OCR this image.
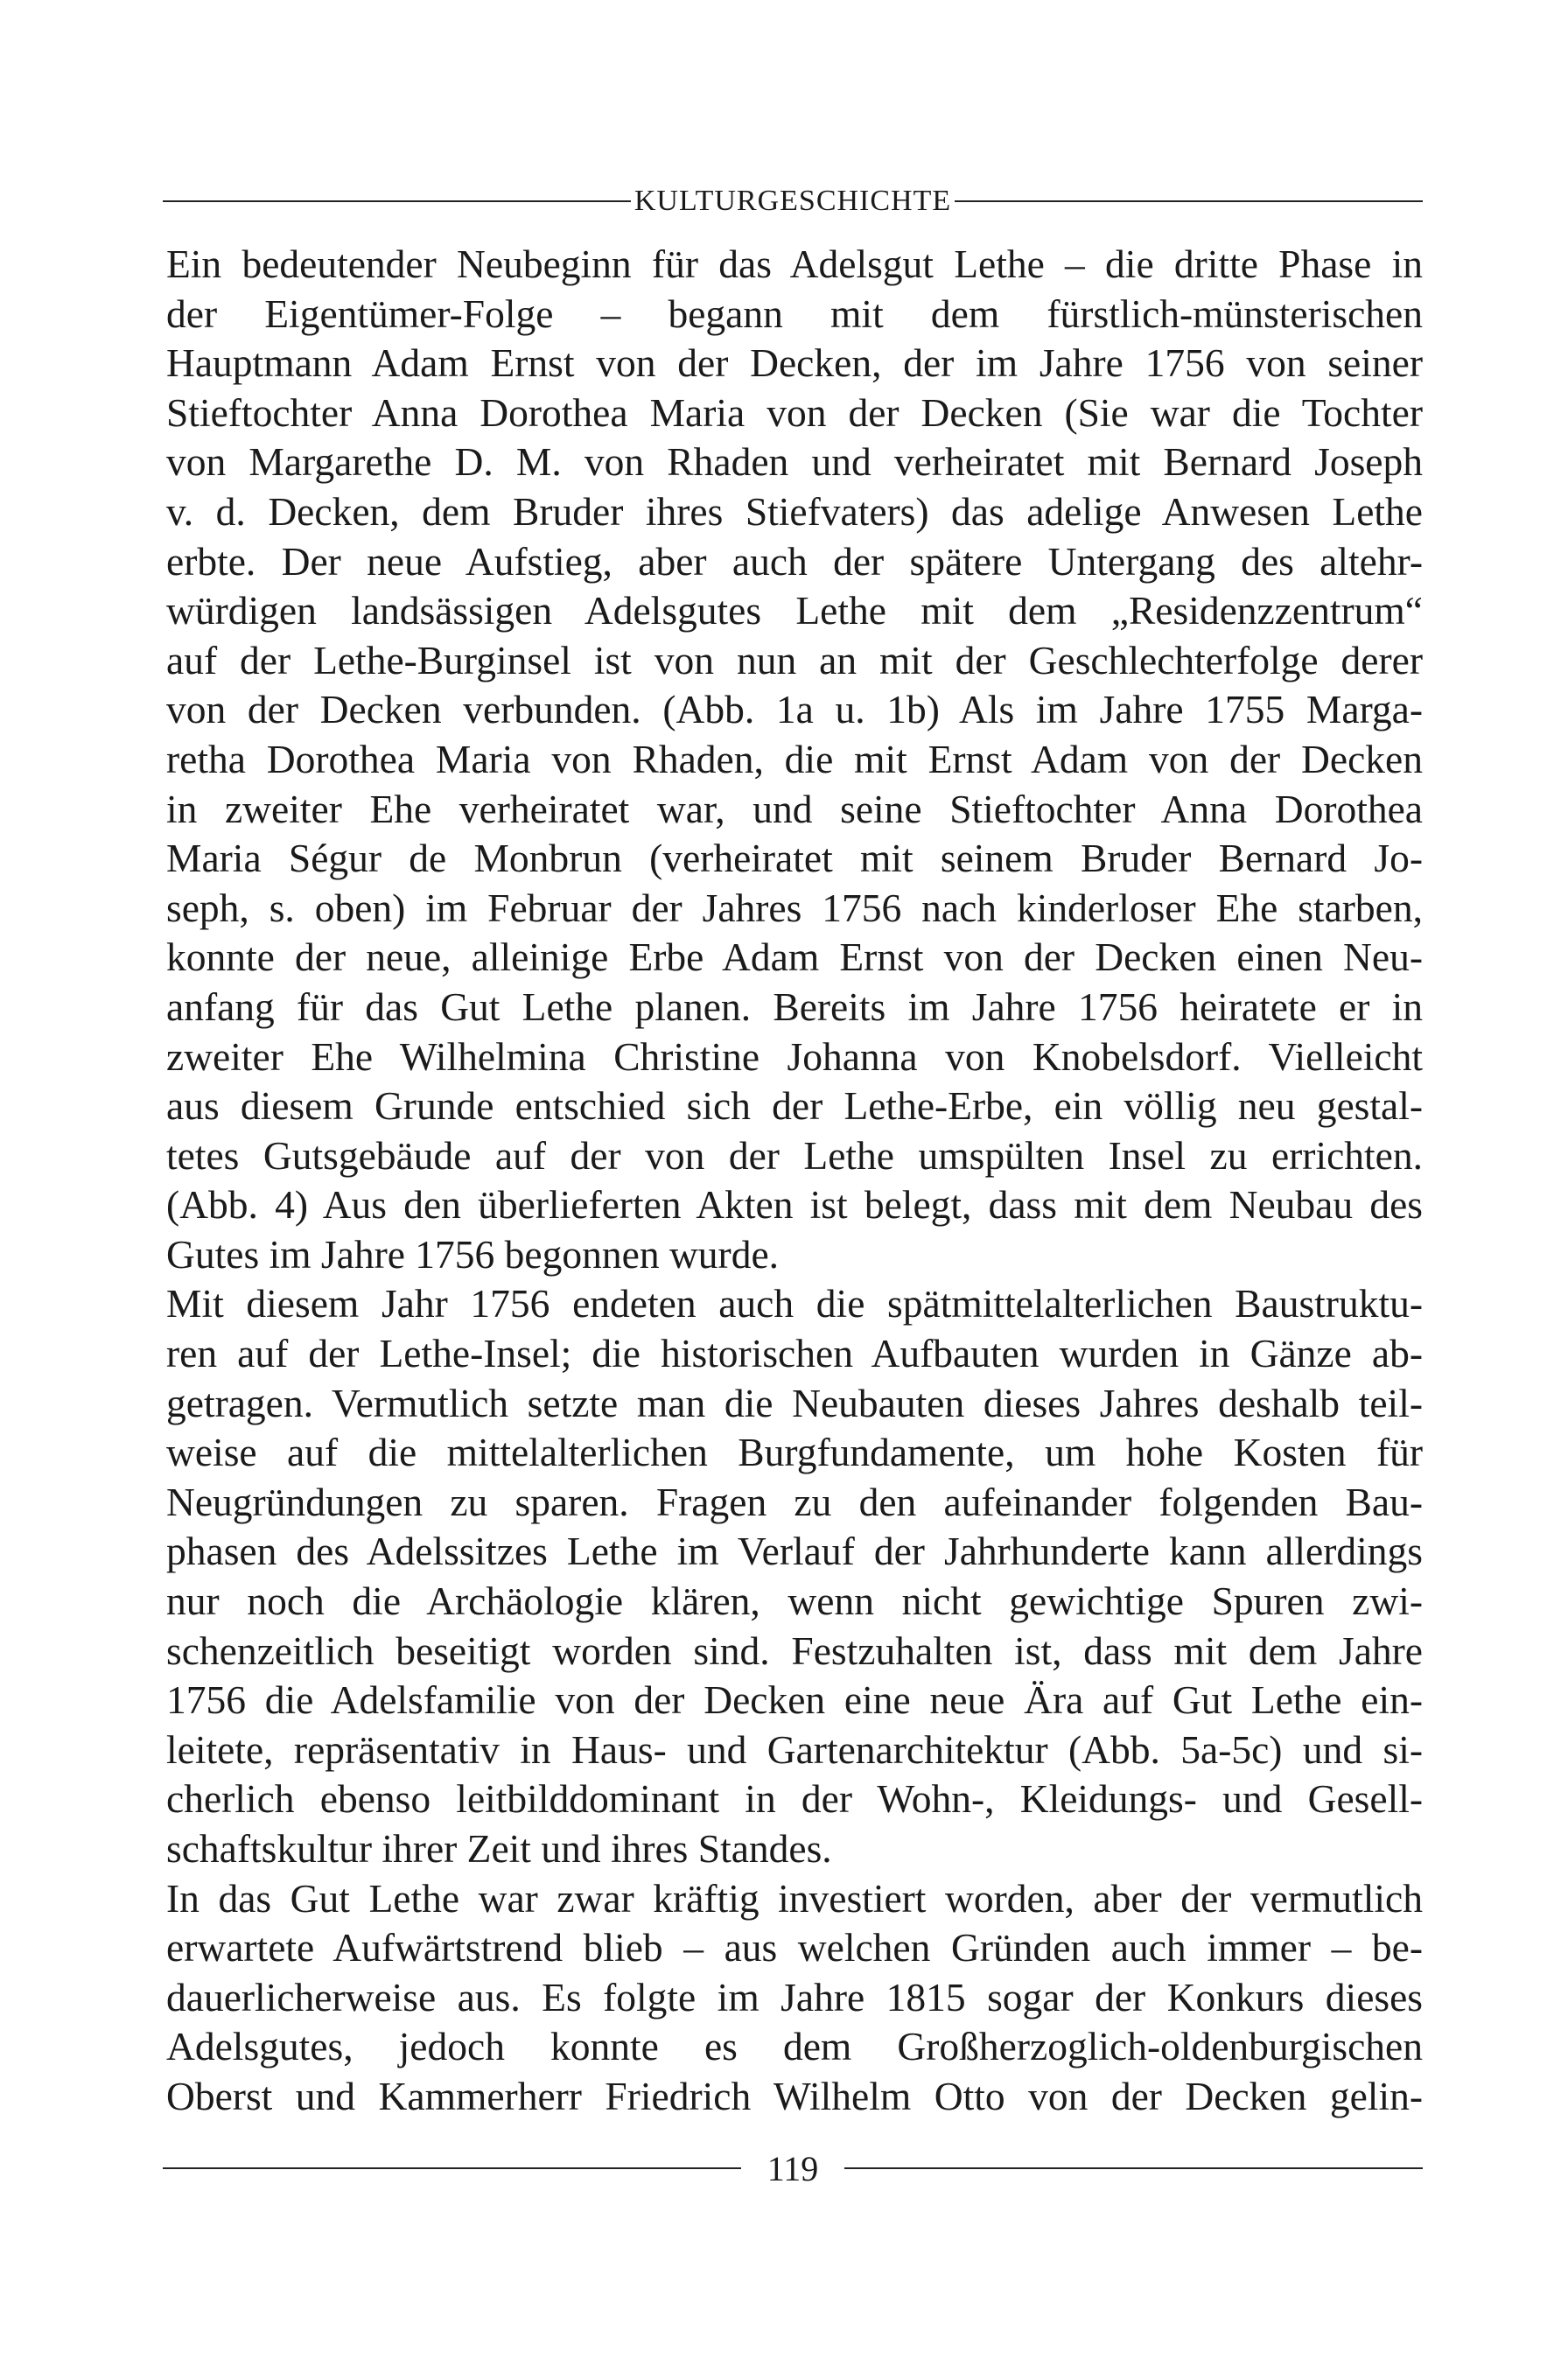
KULTURGESCHICHTE
Ein bedeutender Neubeginn für das Adelsgut Lethe – die dritte Phase in
der Eigentümer-Folge – begann mit dem fürstlich-münsterischen
Hauptmann Adam Ernst von der Decken, der im Jahre 1756 von seiner
Stieftochter Anna Dorothea Maria von der Decken (Sie war die Tochter
von Margarethe D. M. von Rhaden und verheiratet mit Bernard Joseph
v. d. Decken, dem Bruder ihres Stiefvaters) das adelige Anwesen Lethe
erbte. Der neue Aufstieg, aber auch der spätere Untergang des altehr-
würdigen landsässigen Adelsgutes Lethe mit dem „Residenzzentrum“
auf der Lethe-Burginsel ist von nun an mit der Geschlechterfolge derer
von der Decken verbunden. (Abb. 1a u. 1b) Als im Jahre 1755 Marga-
retha Dorothea Maria von Rhaden, die mit Ernst Adam von der Decken
in zweiter Ehe verheiratet war, und seine Stieftochter Anna Dorothea
Maria Ségur de Monbrun (verheiratet mit seinem Bruder Bernard Jo-
seph, s. oben) im Februar der Jahres 1756 nach kinderloser Ehe starben,
konnte der neue, alleinige Erbe Adam Ernst von der Decken einen Neu-
anfang für das Gut Lethe planen. Bereits im Jahre 1756 heiratete er in
zweiter Ehe Wilhelmina Christine Johanna von Knobelsdorf. Vielleicht
aus diesem Grunde entschied sich der Lethe-Erbe, ein völlig neu gestal-
tetes Gutsgebäude auf der von der Lethe umspülten Insel zu errichten.
(Abb. 4) Aus den überlieferten Akten ist belegt, dass mit dem Neubau des
Gutes im Jahre 1756 begonnen wurde.
Mit diesem Jahr 1756 endeten auch die spätmittelalterlichen Baustruktu-
ren auf der Lethe-Insel; die historischen Aufbauten wurden in Gänze ab-
getragen. Vermutlich setzte man die Neubauten dieses Jahres deshalb teil-
weise auf die mittelalterlichen Burgfundamente, um hohe Kosten für
Neugründungen zu sparen. Fragen zu den aufeinander folgenden Bau-
phasen des Adelssitzes Lethe im Verlauf der Jahrhunderte kann allerdings
nur noch die Archäologie klären, wenn nicht gewichtige Spuren zwi-
schenzeitlich beseitigt worden sind. Festzuhalten ist, dass mit dem Jahre
1756 die Adelsfamilie von der Decken eine neue Ära auf Gut Lethe ein-
leitete, repräsentativ in Haus- und Gartenarchitektur (Abb. 5a-5c) und si-
cherlich ebenso leitbilddominant in der Wohn-, Kleidungs- und Gesell-
schaftskultur ihrer Zeit und ihres Standes.
In das Gut Lethe war zwar kräftig investiert worden, aber der vermutlich
erwartete Aufwärtstrend blieb – aus welchen Gründen auch immer – be-
dauerlicherweise aus. Es folgte im Jahre 1815 sogar der Konkurs dieses
Adelsgutes, jedoch konnte es dem Großherzoglich-oldenburgischen
Oberst und Kammerherr Friedrich Wilhelm Otto von der Decken gelin-
119
